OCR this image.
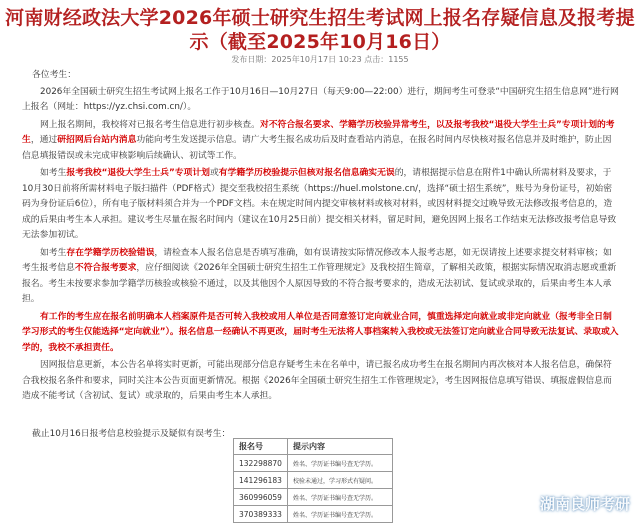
河南财经政法大学2026年硕士研究生招生考试网上报名存疑信息及报考提示（截至2025年10月16日）
发布日期：2025年10月17日 10:23 点击：1155

各位考生：

2026年全国硕士研究生招生考试网上报名工作于10月16日—10月27日（每天9:00—22:00）进行，期间考生可登录“中国研究生招生信息网”进行网上报名（网址：https://yz.chsi.com.cn/）。

网上报名期间，我校将对已报名考生信息进行初步核查。对不符合报名要求、学籍学历校验异常考生，以及报考我校“退役大学生士兵”专项计划的考生，通过研招网后台站内消息功能向考生发送提示信息。请广大考生报名成功后及时查看站内消息，在报名时间内尽快核对报名信息并及时维护，防止因信息填报错误或未完成审核影响后续确认、初试等工作。

如考生报考我校“退役大学生士兵”专项计划或有学籍学历校验提示但核对报名信息确实无误的，请根据提示信息在附件1中确认所需材料及要求，于10月30日前将所需材料电子版扫描件（PDF格式）提交至我校招生系统（https://huel.molstone.cn/，选择“硕士招生系统”，账号为身份证号，初始密码为身份证后6位），所有电子版材料须合并为一个PDF文档。未在规定时间内提交审核材料或核对材料，或因材料提交过晚导致无法修改报考信息的，造成的后果由考生本人承担。建议考生尽量在报名时间内（建议在10月25日前）提交相关材料，留足时间，避免因网上报名工作结束无法修改报考信息导致无法参加初试。

如考生存在学籍学历校验错误，请检查本人报名信息是否填写准确，如有误请按实际情况修改本人报考志愿，如无误请按上述要求提交材料审核；如考生报考信息不符合报考要求，应仔细阅读《2026年全国硕士研究生招生工作管理规定》及我校招生简章，了解相关政策，根据实际情况取消志愿或重新报名。考生未按要求参加学籍学历核验或核验不通过，以及其他因个人原因导致的不符合报考要求的，造成无法初试、复试或录取的，后果由考生本人承担。

有工作的考生应在报名前明确本人档案原件是否可转入我校或用人单位是否同意签订定向就业合同，慎重选择定向就业或非定向就业（报考非全日制学习形式的考生仅能选择“定向就业”）。报名信息一经确认不再更改，届时考生无法将人事档案转入我校或无法签订定向就业合同导致无法复试、录取或入学的，我校不承担责任。

因网报信息更新，本公告名单将实时更新，可能出现部分信息存疑考生未在名单中，请已报名成功考生在报名期间内再次核对本人报名信息，确保符合我校报名条件和要求，同时关注本公告页面更新情况。根据《2026年全国硕士研究生招生工作管理规定》，考生因网报信息填写错误、填报虚假信息而造成不能考试（含初试、复试）或录取的，后果由考生本人承担。

截止10月16日报考信息校验提示及疑似有误考生：
报名号	提示内容
132298870	姓名、学历证书编号查无学历。
141296183	校验未通过，学习形式有疑问。
360996059	姓名、学历证书编号查无学历。
370389333	姓名、学历证书编号查无学历。
湖南良师考研
